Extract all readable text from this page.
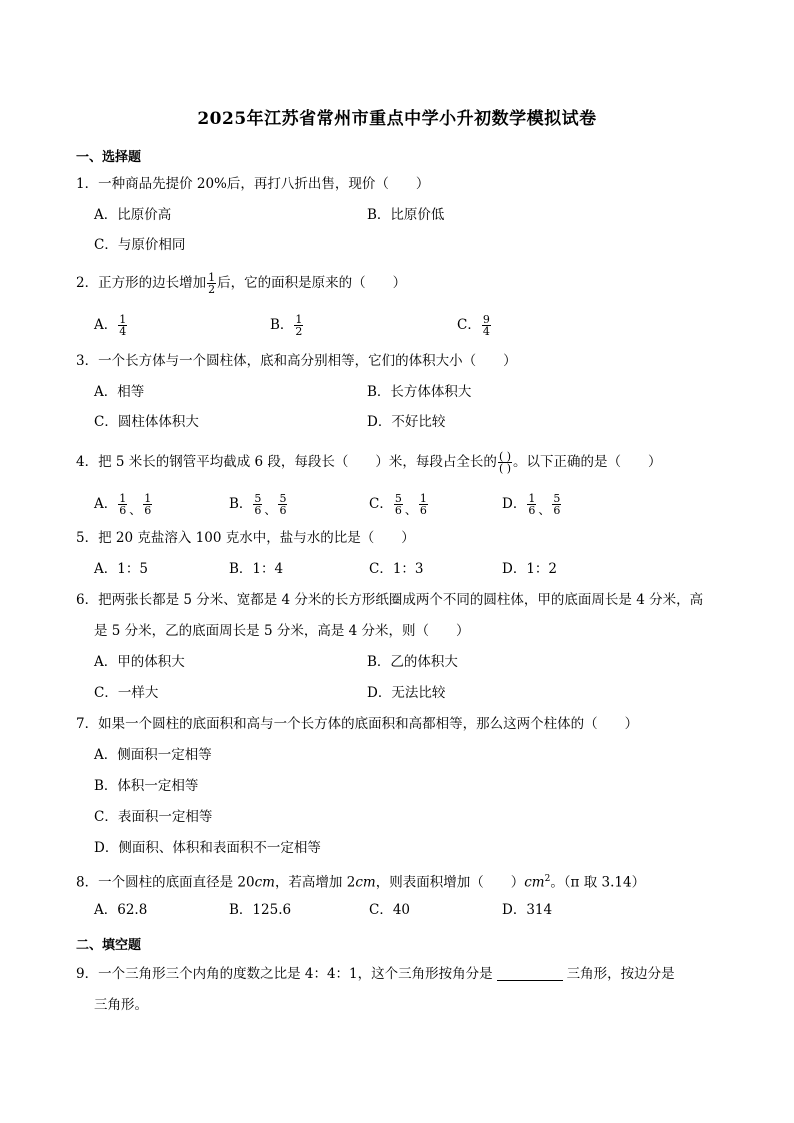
2025年江苏省常州市重点中学小升初数学模拟试卷
一、选择题
1．一种商品先提价 20%后，再打八折出售，现价（　　）
A．比原价高	B．比原价低
C．与原价相同
2．正方形的边长增加 $\frac{1}{2}$ 后，它的面积是原来的（　　）
A． $\frac{1}{4}$	B． $\frac{1}{2}$	C． $\frac{9}{4}$
3．一个长方体与一个圆柱体，底和高分别相等，它们的体积大小（　　）
A．相等	B．长方体体积大
C．圆柱体体积大	D．不好比较
4．把 5 米长的钢管平均截成 6 段，每段长（　　）米，每段占全长的 $\frac{( )}{( )}$ 。以下正确的是（　　）
A． $\frac{1}{6}$ 、 $\frac{1}{6}$	B． $\frac{5}{6}$ 、 $\frac{5}{6}$	C． $\frac{5}{6}$ 、 $\frac{1}{6}$	D． $\frac{1}{6}$ 、 $\frac{5}{6}$
5．把 20 克盐溶入 100 克水中，盐与水的比是（　　）
A．1：5	B．1：4	C．1：3	D．1：2
6．把两张长都是 5 分米、宽都是 4 分米的长方形纸圈成两个不同的圆柱体，甲的底面周长是 4 分米，高
是 5 分米，乙的底面周长是 5 分米，高是 4 分米，则（　　）
A．甲的体积大	B．乙的体积大
C．一样大	D．无法比较
7．如果一个圆柱的底面积和高与一个长方体的底面积和高都相等，那么这两个柱体的（　　）
A．侧面积一定相等
B．体积一定相等
C．表面积一定相等
D．侧面积、体积和表面积不一定相等
8．一个圆柱的底面直径是 20cm，若高增加 2cm，则表面积增加（　　）$cm^2$。（π 取 3.14）
A．62.8	B．125.6	C．40	D．314
二、填空题
9．一个三角形三个内角的度数之比是 4：4：1，这个三角形按角分是	三角形，按边分是
三角形。
